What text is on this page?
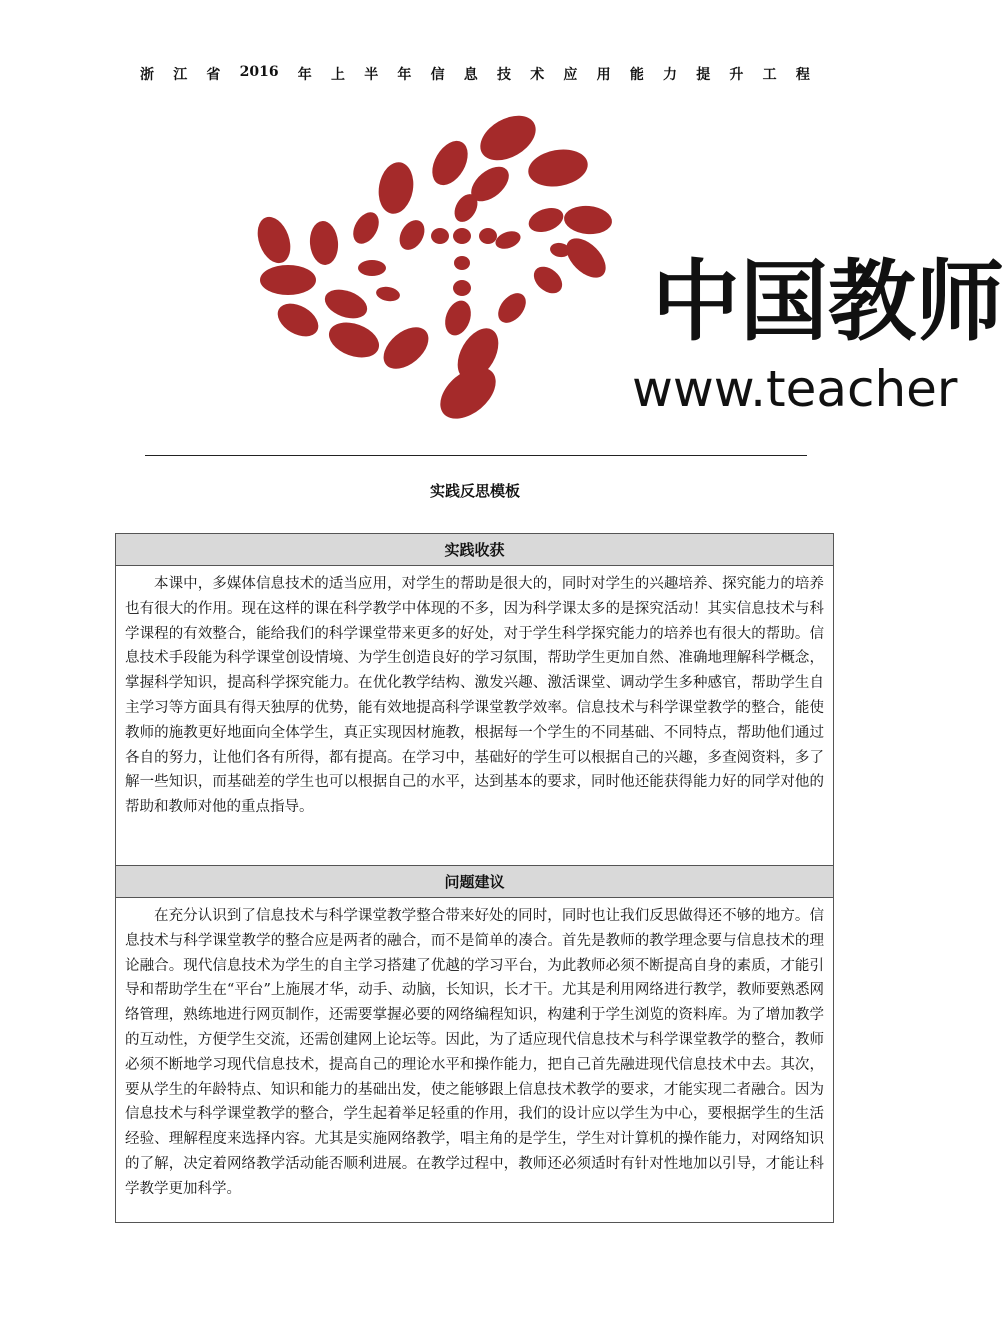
浙 江 省 2016 年 上 半 年 信 息 技 术 应 用 能 力 提 升 工 程
中国教师
www.teacher
实践反思模板
实践收获
本课中，多媒体信息技术的适当应用，对学生的帮助是很大的，同时对学生的兴趣培养、探究能力的培养也有很大的作用。现在这样的课在科学教学中体现的不多，因为科学课太多的是探究活动！其实信息技术与科学课程的有效整合，能给我们的科学课堂带来更多的好处，对于学生科学探究能力的培养也有很大的帮助。信息技术手段能为科学课堂创设情境、为学生创造良好的学习氛围，帮助学生更加自然、准确地理解科学概念，掌握科学知识，提高科学探究能力。在优化教学结构、激发兴趣、激活课堂、调动学生多种感官，帮助学生自主学习等方面具有得天独厚的优势，能有效地提高科学课堂教学效率。信息技术与科学课堂教学的整合，能使教师的施教更好地面向全体学生，真正实现因材施教，根据每一个学生的不同基础、不同特点，帮助他们通过各自的努力，让他们各有所得，都有提高。在学习中，基础好的学生可以根据自己的兴趣，多查阅资料，多了解一些知识，而基础差的学生也可以根据自己的水平，达到基本的要求，同时他还能获得能力好的同学对他的帮助和教师对他的重点指导。
问题建议
在充分认识到了信息技术与科学课堂教学整合带来好处的同时，同时也让我们反思做得还不够的地方。信息技术与科学课堂教学的整合应是两者的融合，而不是简单的凑合。首先是教师的教学理念要与信息技术的理论融合。现代信息技术为学生的自主学习搭建了优越的学习平台，为此教师必须不断提高自身的素质，才能引导和帮助学生在“平台”上施展才华，动手、动脑，长知识，长才干。尤其是利用网络进行教学，教师要熟悉网络管理，熟练地进行网页制作，还需要掌握必要的网络编程知识，构建利于学生浏览的资料库。为了增加教学的互动性，方便学生交流，还需创建网上论坛等。因此，为了适应现代信息技术与科学课堂教学的整合，教师必须不断地学习现代信息技术，提高自己的理论水平和操作能力，把自己首先融进现代信息技术中去。其次，要从学生的年龄特点、知识和能力的基础出发，使之能够跟上信息技术教学的要求，才能实现二者融合。因为信息技术与科学课堂教学的整合，学生起着举足轻重的作用，我们的设计应以学生为中心，要根据学生的生活经验、理解程度来选择内容。尤其是实施网络教学，唱主角的是学生，学生对计算机的操作能力，对网络知识的了解，决定着网络教学活动能否顺利进展。在教学过程中，教师还必须适时有针对性地加以引导，才能让科学教学更加科学。
